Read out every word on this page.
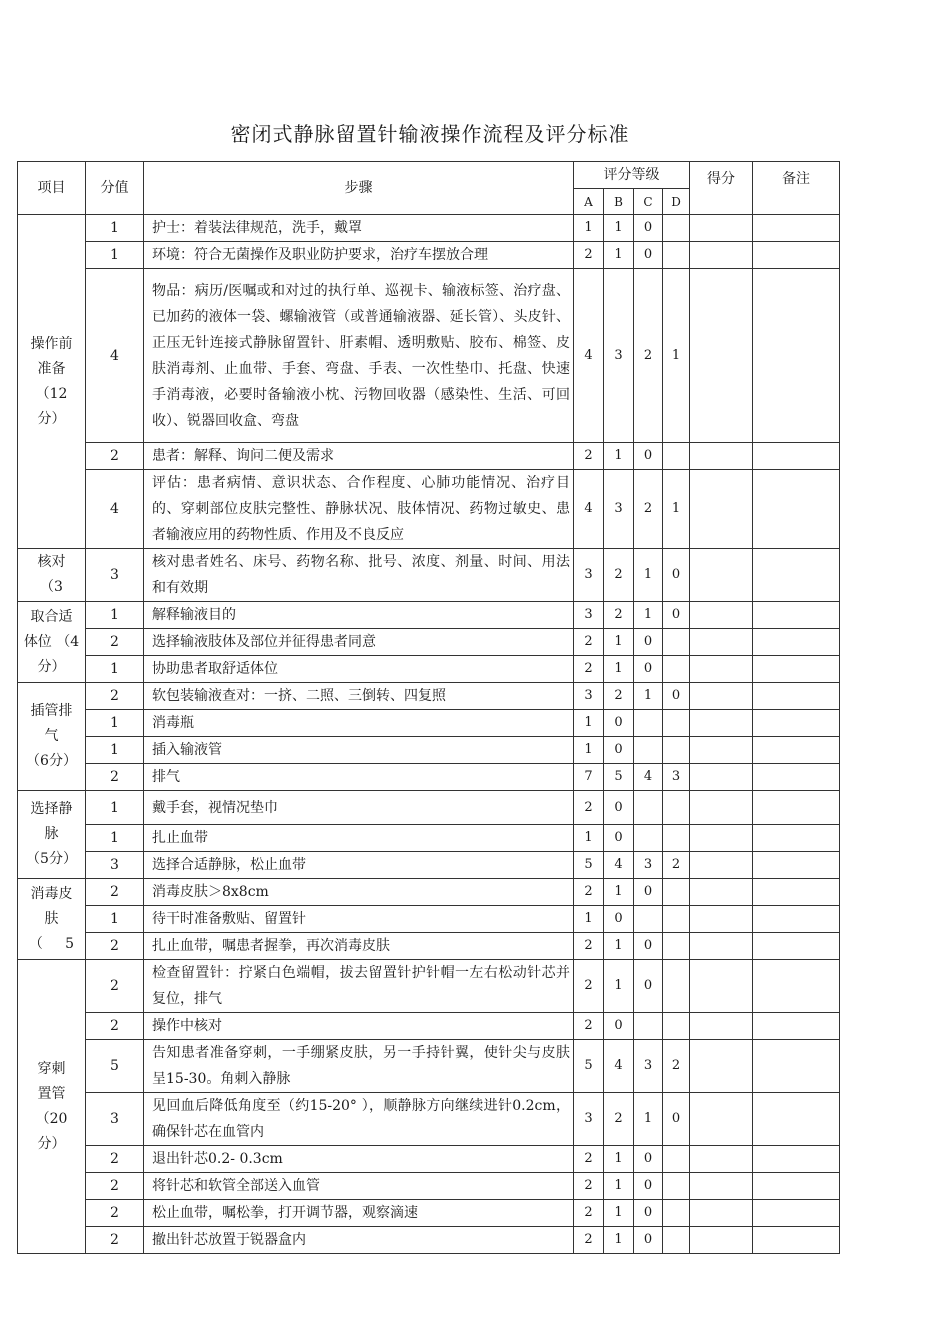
密闭式静脉留置针输液操作流程及评分标准
项目	分值	步骤	评分等级				得分	备注
			A	B	C	D		

操作前
准备
（12
分）	1	护士：着装法律规范，洗手，戴罩	1	1	0			
	1	环境：符合无菌操作及职业防护要求，治疗车摆放合理	2	1	0			
	4	物品：病历/医嘱或和对过的执行单、巡视卡、输液标签、治疗盘、已加药的液体一袋、螺输液管（或普通输液器、延长管）、头皮针、正压无针连接式静脉留置针、肝素帽、透明敷贴、胶布、棉签、皮肤消毒剂、止血带、手套、弯盘、手表、一次性垫巾、托盘、快速手消毒液，必要时备输液小枕、污物回收器（感染性、生活、可回收）、锐器回收盒、弯盘	4	3	2	1		
	2	患者：解释、询问二便及需求	2	1	0			
	4	评估：患者病情、意识状态、合作程度、心肺功能情况、治疗目的、穿刺部位皮肤完整性、静脉状况、肢体情况、药物过敏史、患者输液应用的药物性质、作用及不良反应	4	3	2	1		

核对
（3	3	核对患者姓名、床号、药物名称、批号、浓度、剂量、时间、用法和有效期	3	2	1	0		

取合适
体位 （4
分）	1	解释输液目的	3	2	1	0		
	2	选择输液肢体及部位并征得患者同意	2	1	0			
	1	协助患者取舒适体位	2	1	0			

插管排
气
（6分）	2	软包装输液查对：一挤、二照、三倒转、四复照	3	2	1	0		
	1	消毒瓶	1	0				
	1	插入输液管	1	0				
	2	排气	7	5	4	3		

选择静
脉
（5分）	1	戴手套，视情况垫巾	2	0				
	1	扎止血带	1	0				
	3	选择合适静脉，松止血带	5	4	3	2		

消毒皮
肤
（     5	2	消毒皮肤＞8x8cm	2	1	0			
	1	待干时准备敷贴、留置针	1	0				
	2	扎止血带，嘱患者握拳，再次消毒皮肤	2	1	0			

穿刺
置管
（20
分）	2	检查留置针：拧紧白色端帽，拔去留置针护针帽一左右松动针芯并复位，排气	2	1	0			
	2	操作中核对	2	0				
	5	告知患者准备穿刺，一手绷紧皮肤，另一手持针翼，使针尖与皮肤呈15-30。角刺入静脉	5	4	3	2		
	3	见回血后降低角度至（约15-20° ），顺静脉方向继续进针0.2cm，确保针芯在血管内	3	2	1	0		
	2	退出针芯0.2- 0.3cm	2	1	0			
	2	将针芯和软管全部送入血管	2	1	0			
	2	松止血带，嘱松拳，打开调节器，观察滴速	2	1	0			
	2	撤出针芯放置于锐器盒内	2	1	0			
